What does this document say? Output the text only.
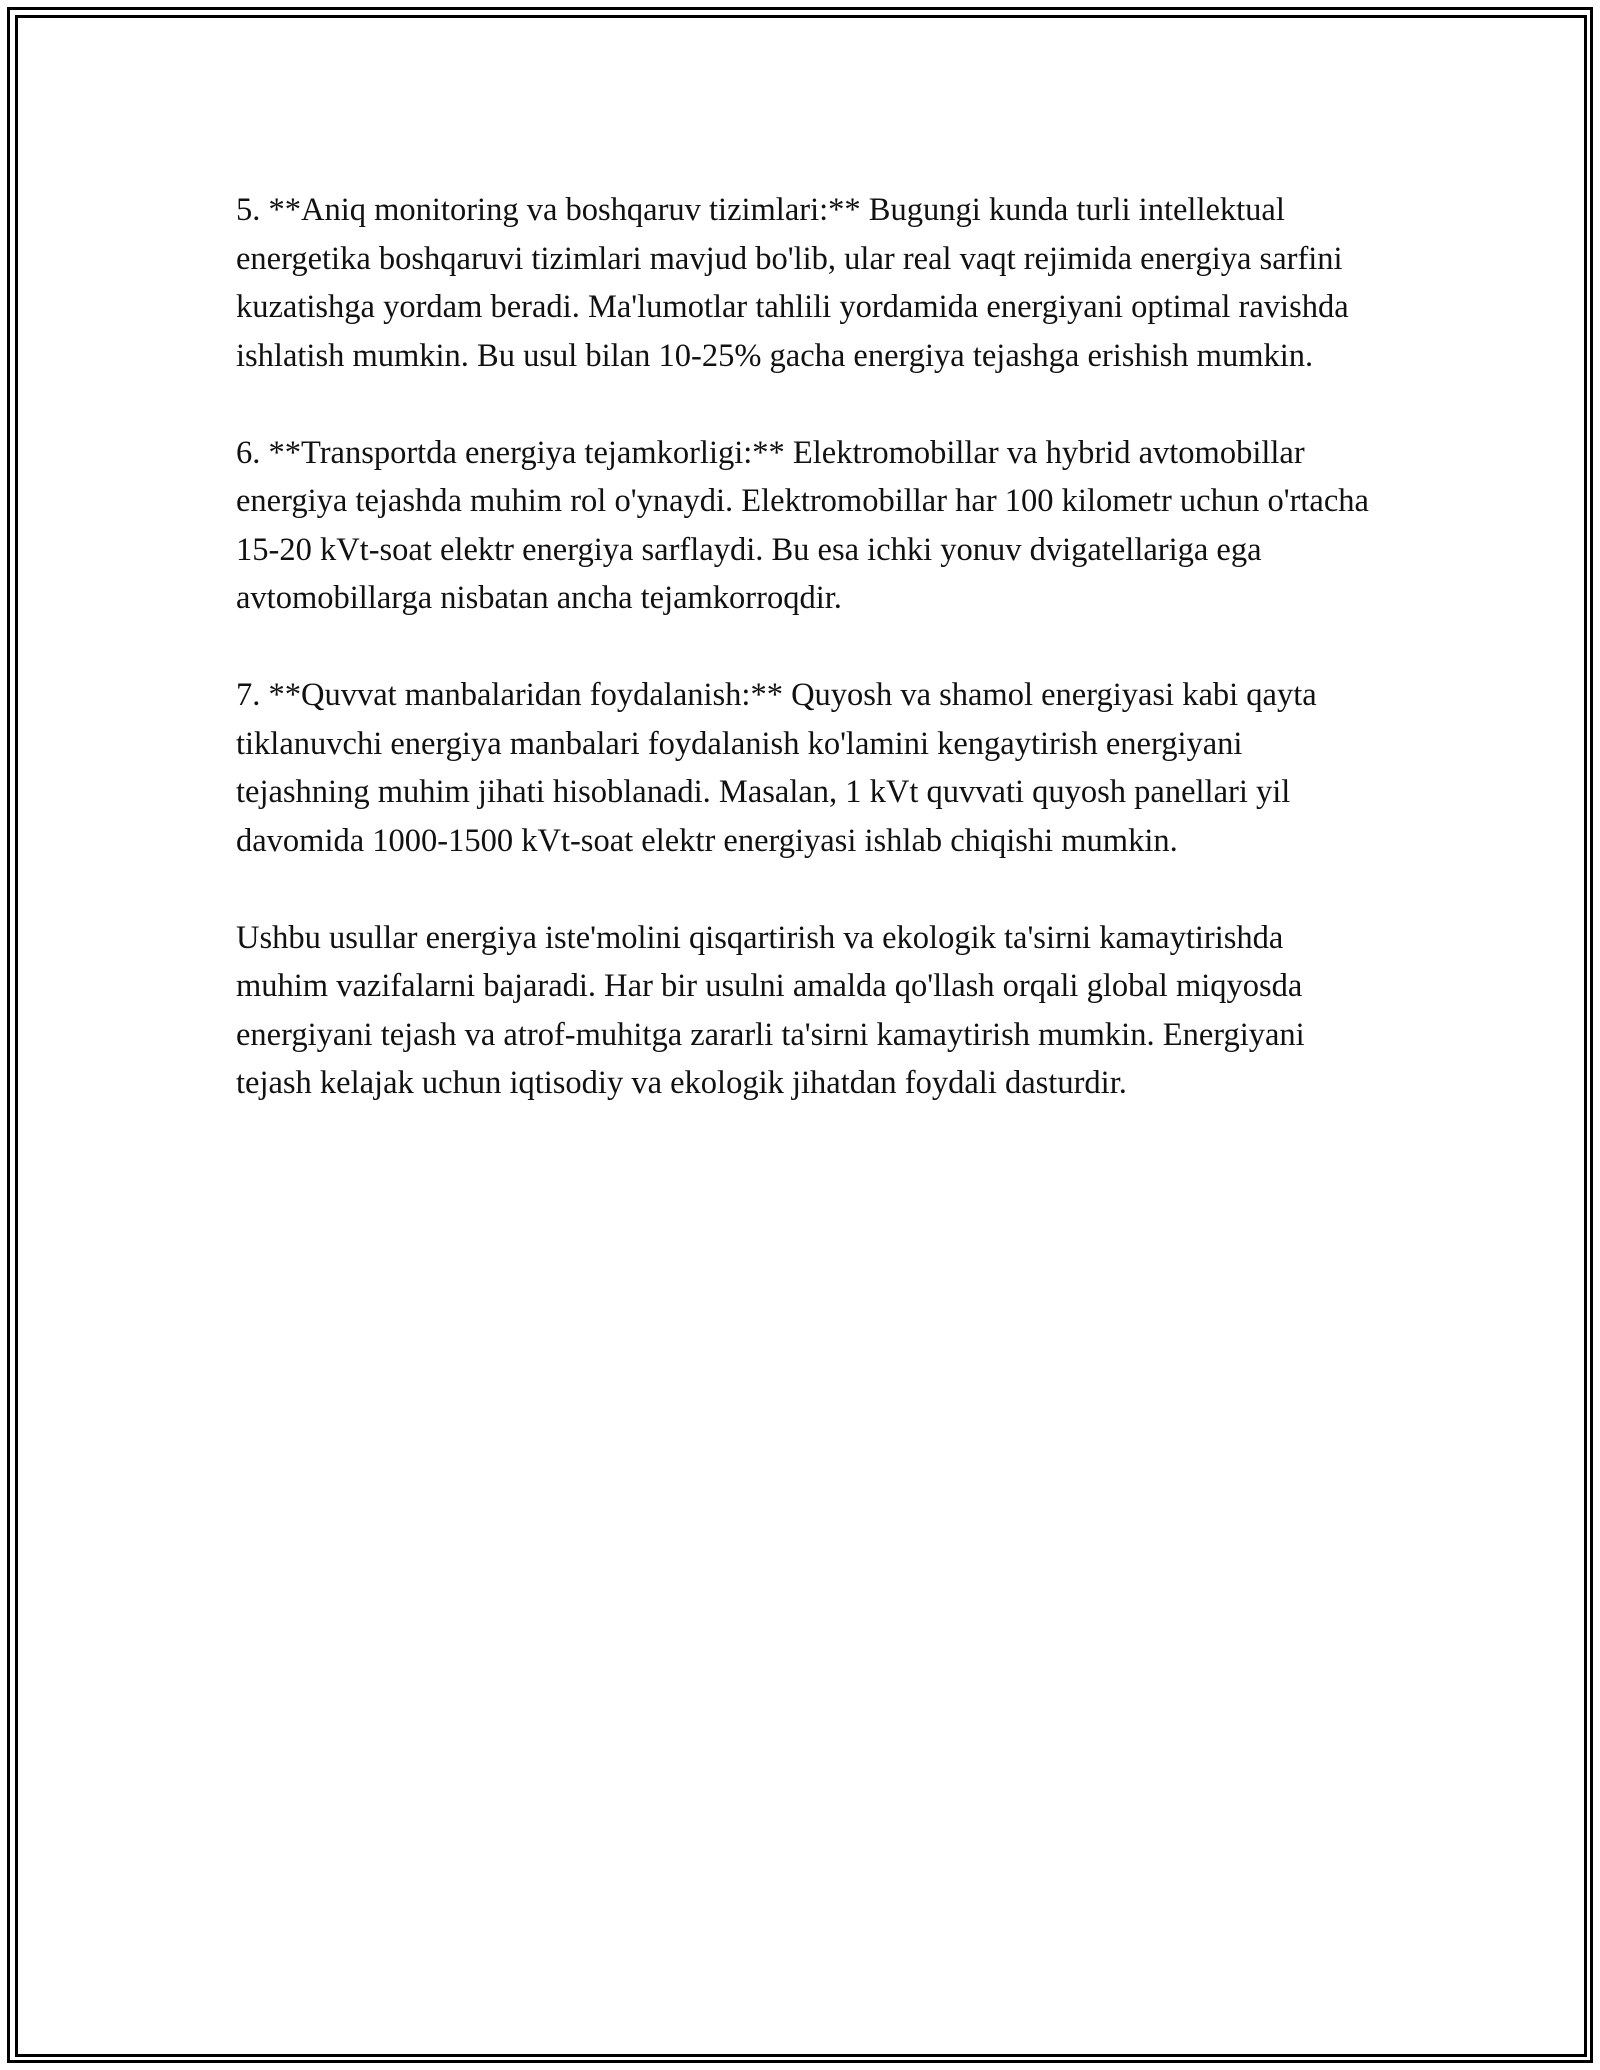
5. **Aniq monitoring va boshqaruv tizimlari:** Bugungi kunda turli intellektual energetika boshqaruvi tizimlari mavjud bo'lib, ular real vaqt rejimida energiya sarfini kuzatishga yordam beradi. Ma'lumotlar tahlili yordamida energiyani optimal ravishda ishlatish mumkin. Bu usul bilan 10-25% gacha energiya tejashga erishish mumkin.

6. **Transportda energiya tejamkorligi:** Elektromobillar va hybrid avtomobillar energiya tejashda muhim rol o'ynaydi. Elektromobillar har 100 kilometr uchun o'rtacha 15-20 kVt-soat elektr energiya sarflaydi. Bu esa ichki yonuv dvigatellariga ega avtomobillarga nisbatan ancha tejamkorroqdir.

7. **Quvvat manbalaridan foydalanish:** Quyosh va shamol energiyasi kabi qayta tiklanuvchi energiya manbalari foydalanish ko'lamini kengaytirish energiyani tejashning muhim jihati hisoblanadi. Masalan, 1 kVt quvvati quyosh panellari yil davomida 1000-1500 kVt-soat elektr energiyasi ishlab chiqishi mumkin.

Ushbu usullar energiya iste'molini qisqartirish va ekologik ta'sirni kamaytirishda muhim vazifalarni bajaradi. Har bir usulni amalda qo'llash orqali global miqyosda energiyani tejash va atrof-muhitga zararli ta'sirni kamaytirish mumkin. Energiyani tejash kelajak uchun iqtisodiy va ekologik jihatdan foydali dasturdir.
